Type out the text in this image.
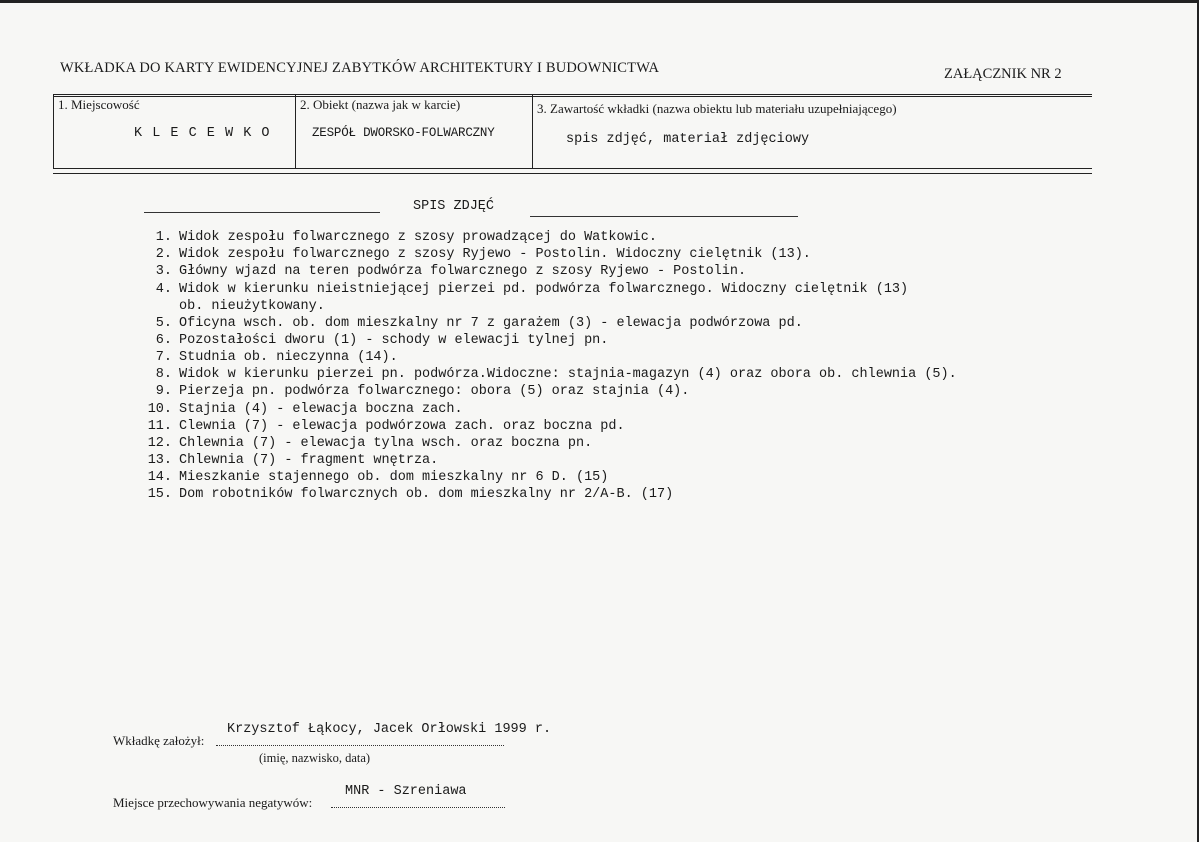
WKŁADKA DO KARTY EWIDENCYJNEJ ZABYTKÓW ARCHITEKTURY I BUDOWNICTWA	ZAŁĄCZNIK NR 2
1. Miejscowość
K L E C E W K O
2. Obiekt (nazwa jak w karcie)
ZESPÓŁ DWORSKO-FOLWARCZNY
3. Zawartość wkładki (nazwa obiektu lub materiału uzupełniającego)
spis zdjęć, materiał zdjęciowy
SPIS ZDJĘĆ
1. Widok zespołu folwarcznego z szosy prowadzącej do Watkowic.
2. Widok zespołu folwarcznego z szosy Ryjewo - Postolin. Widoczny cielętnik (13).
3. Główny wjazd na teren podwórza folwarcznego z szosy Ryjewo - Postolin.
4. Widok w kierunku nieistniejącej pierzei pd. podwórza folwarcznego. Widoczny cielętnik (13)
ob. nieużytkowany.
5. Oficyna wsch. ob. dom mieszkalny nr 7 z garażem (3) - elewacja podwórzowa pd.
6. Pozostałości dworu (1) - schody w elewacji tylnej pn.
7. Studnia ob. nieczynna (14).
8. Widok w kierunku pierzei pn. podwórza.Widoczne: stajnia-magazyn (4) oraz obora ob. chlewnia (5).
9. Pierzeja pn. podwórza folwarcznego: obora (5) oraz stajnia (4).
10. Stajnia (4) - elewacja boczna zach.
11. Clewnia (7) - elewacja podwórzowa zach. oraz boczna pd.
12. Chlewnia (7) - elewacja tylna wsch. oraz boczna pn.
13. Chlewnia (7) - fragment wnętrza.
14. Mieszkanie stajennego ob. dom mieszkalny nr 6 D. (15)
15. Dom robotników folwarcznych ob. dom mieszkalny nr 2/A-B. (17)
Krzysztof Łąkocy, Jacek Orłowski 1999 r.
Wkładkę założył:
(imię, nazwisko, data)
MNR - Szreniawa
Miejsce przechowywania negatywów:
